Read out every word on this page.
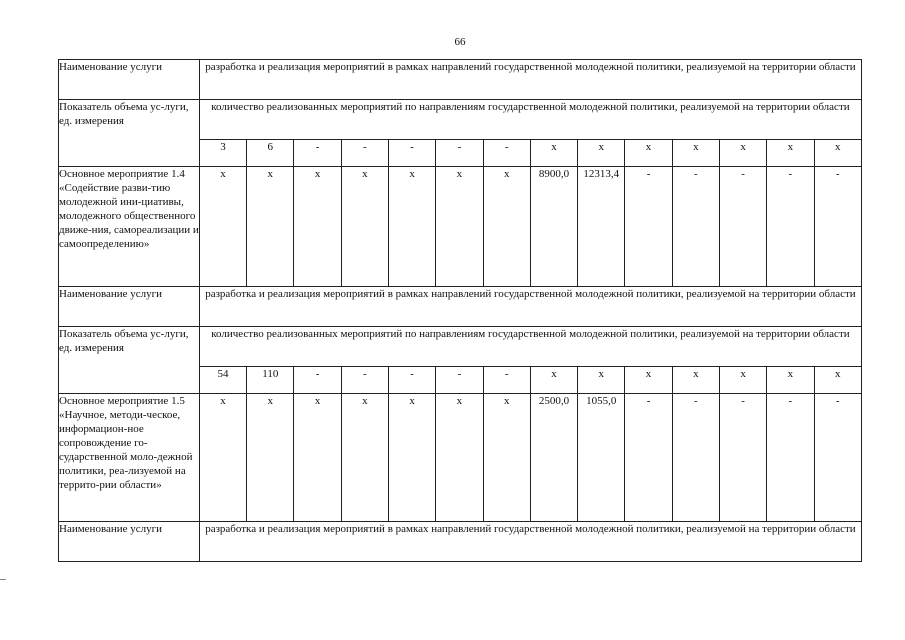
66
Наименование услуги	разработка и реализация мероприятий в рамках направлений государственной молодежной политики, реализуемой на территории области													
Показатель объема ус-луги, ед. измерения	количество реализованных мероприятий по направлениям государственной молодежной политики, реализуемой на территории области													
	3	6	-	-	-	-	-	x	x	x	x	x	x	x
Основное мероприятие 1.4 «Содействие разви-тию молодежной ини-циативы, молодежного общественного движе-ния, самореализации и самоопределению»	x	x	x	x	x	x	x	8900,0	12313,4	-	-	-	-	-
Наименование услуги	разработка и реализация мероприятий в рамках направлений государственной молодежной политики, реализуемой на территории области													
Показатель объема ус-луги, ед. измерения	количество реализованных мероприятий по направлениям государственной молодежной политики, реализуемой на территории области													
	54	110	-	-	-	-	-	x	x	x	x	x	x	x
Основное мероприятие 1.5 «Научное, методи-ческое, информацион-ное сопровождение го-сударственной моло-дежной политики, реа-лизуемой на террито-рии области»	x	x	x	x	x	x	x	2500,0	1055,0	-	-	-	-	-
Наименование услуги	разработка и реализация мероприятий в рамках направлений государственной молодежной политики, реализуемой на территории области													
